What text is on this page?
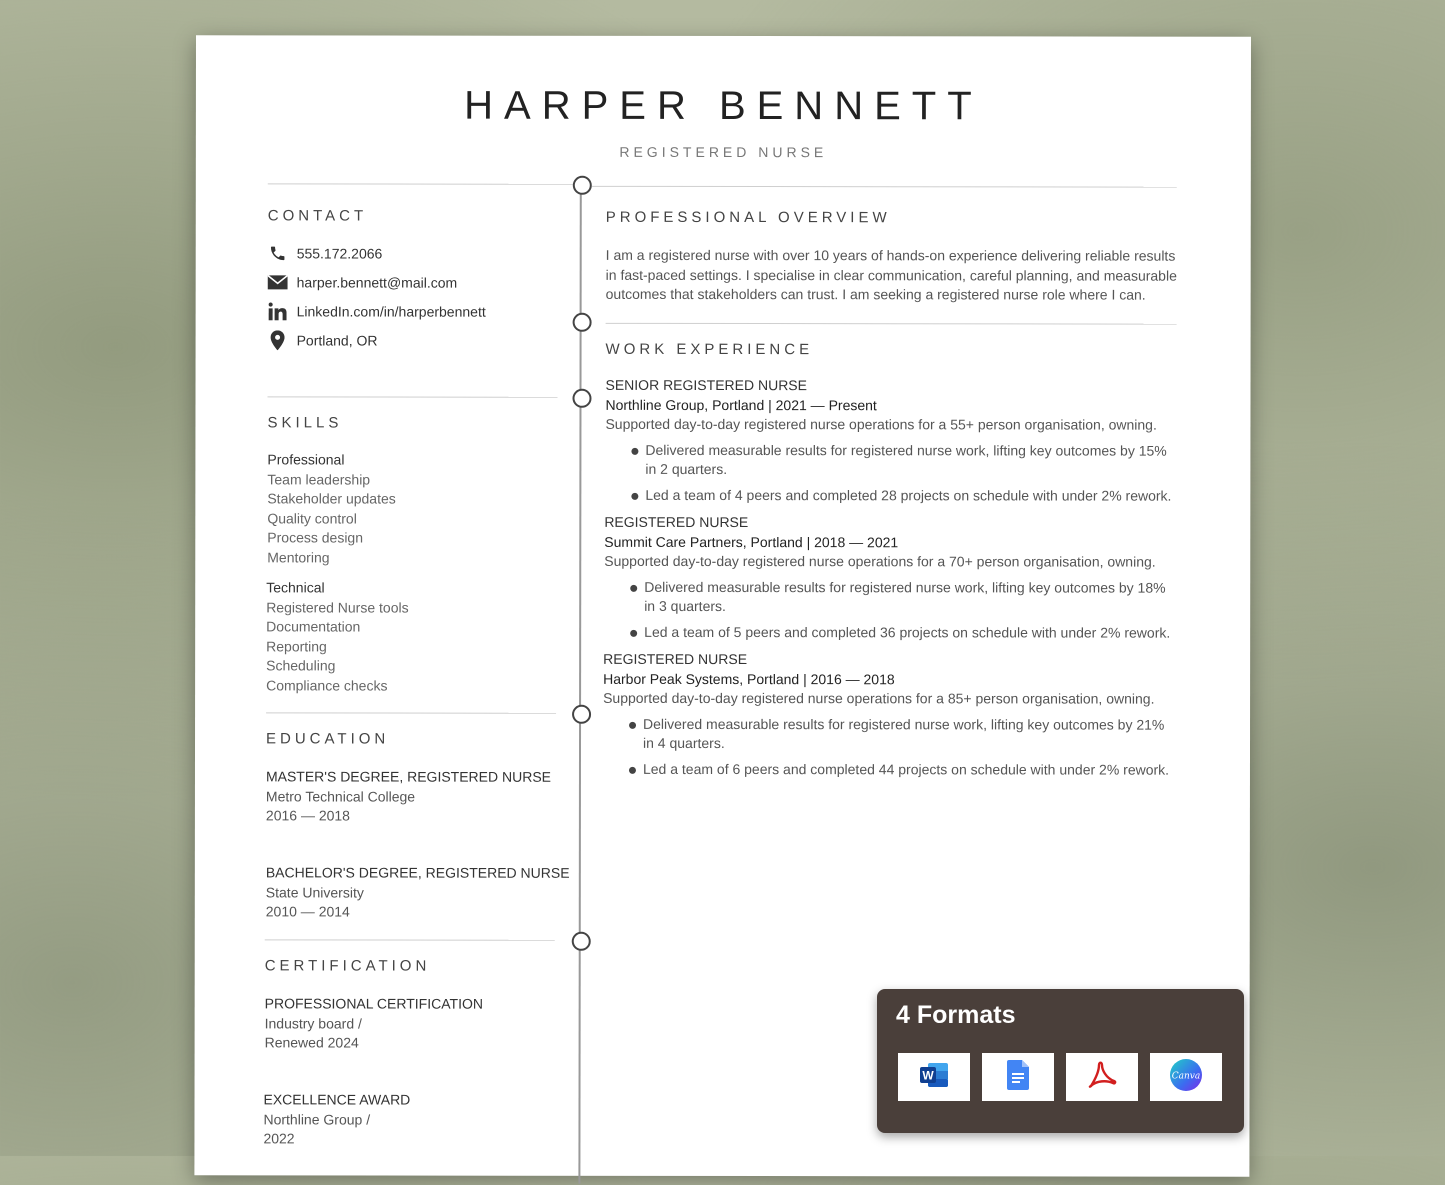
HARPER BENNETT
REGISTERED NURSE
CONTACT
555.172.2066
harper.bennett@mail.com
LinkedIn.com/in/harperbennett
Portland, OR
SKILLS
Professional
Team leadership
Stakeholder updates
Quality control
Process design
Mentoring
Technical
Registered Nurse tools
Documentation
Reporting
Scheduling
Compliance checks
EDUCATION
MASTER'S DEGREE, REGISTERED NURSE
Metro Technical College
2016 — 2018
BACHELOR'S DEGREE, REGISTERED NURSE
State University
2010 — 2014
CERTIFICATION
PROFESSIONAL CERTIFICATION
Industry board /
Renewed 2024
EXCELLENCE AWARD
Northline Group /
2022
PROFESSIONAL OVERVIEW
I am a registered nurse with over 10 years of hands-on experience delivering reliable results in fast-paced settings. I specialise in clear communication, careful planning, and measurable outcomes that stakeholders can trust. I am seeking a registered nurse role where I can.
WORK EXPERIENCE
SENIOR REGISTERED NURSE
Northline Group, Portland | 2021 — Present
Supported day-to-day registered nurse operations for a 55+ person organisation, owning.
Delivered measurable results for registered nurse work, lifting key outcomes by 15% in 2 quarters.
Led a team of 4 peers and completed 28 projects on schedule with under 2% rework.
REGISTERED NURSE
Summit Care Partners, Portland | 2018 — 2021
Supported day-to-day registered nurse operations for a 70+ person organisation, owning.
Delivered measurable results for registered nurse work, lifting key outcomes by 18% in 3 quarters.
Led a team of 5 peers and completed 36 projects on schedule with under 2% rework.
REGISTERED NURSE
Harbor Peak Systems, Portland | 2016 — 2018
Supported day-to-day registered nurse operations for a 85+ person organisation, owning.
Delivered measurable results for registered nurse work, lifting key outcomes by 21% in 4 quarters.
Led a team of 6 peers and completed 44 projects on schedule with under 2% rework.
4 Formats
W	Canva
